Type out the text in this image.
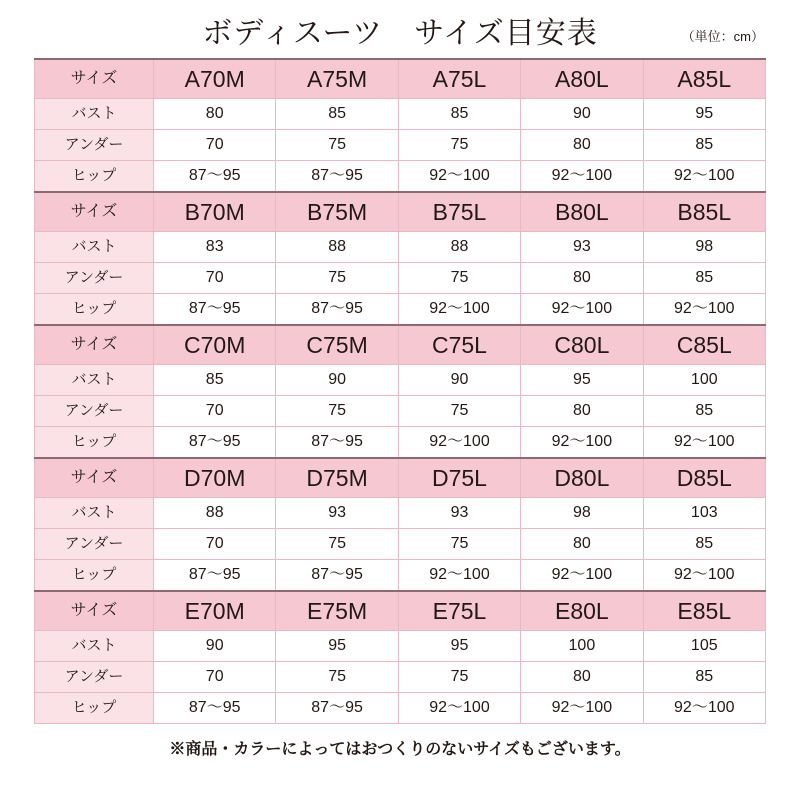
ボディスーツ　サイズ目安表	（単位：cm）
サイズ	A70M	A75M	A75L	A80L	A85L
バスト	80	85	85	90	95
アンダー	70	75	75	80	85
ヒップ	87〜95	87〜95	92〜100	92〜100	92〜100
サイズ	B70M	B75M	B75L	B80L	B85L
バスト	83	88	88	93	98
アンダー	70	75	75	80	85
ヒップ	87〜95	87〜95	92〜100	92〜100	92〜100
サイズ	C70M	C75M	C75L	C80L	C85L
バスト	85	90	90	95	100
アンダー	70	75	75	80	85
ヒップ	87〜95	87〜95	92〜100	92〜100	92〜100
サイズ	D70M	D75M	D75L	D80L	D85L
バスト	88	93	93	98	103
アンダー	70	75	75	80	85
ヒップ	87〜95	87〜95	92〜100	92〜100	92〜100
サイズ	E70M	E75M	E75L	E80L	E85L
バスト	90	95	95	100	105
アンダー	70	75	75	80	85
ヒップ	87〜95	87〜95	92〜100	92〜100	92〜100
※商品・カラーによってはおつくりのないサイズもございます。
